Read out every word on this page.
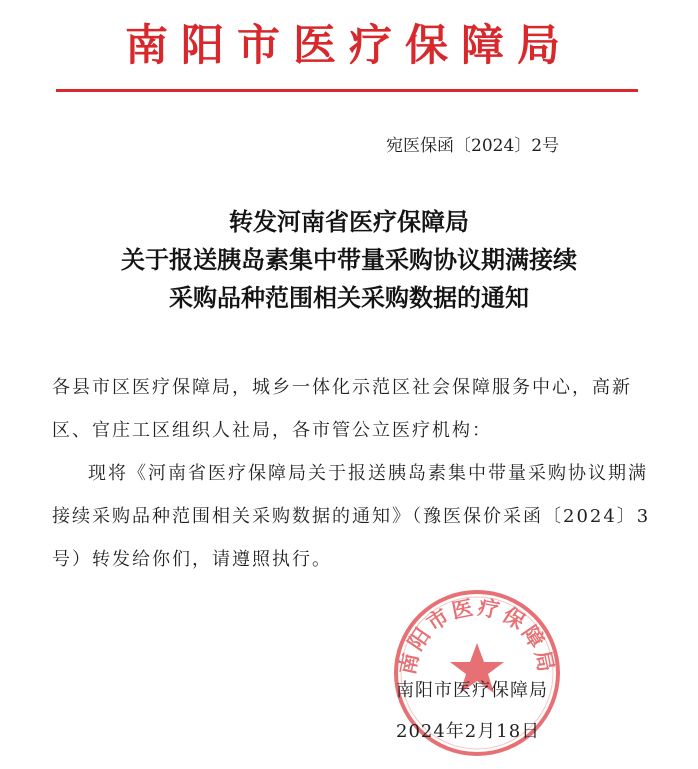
南阳市医疗保障局
宛医保函〔2024〕2号
转发河南省医疗保障局
关于报送胰岛素集中带量采购协议期满接续
采购品种范围相关采购数据的通知
各县市区医疗保障局，城乡一体化示范区社会保障服务中心，高新区、官庄工区组织人社局，各市管公立医疗机构：
现将《河南省医疗保障局关于报送胰岛素集中带量采购协议期满接续采购品种范围相关采购数据的通知》（豫医保价采函〔2024〕3号）转发给你们，请遵照执行。
南阳市医疗保障局
南阳市医疗保障局
2024年2月18日
